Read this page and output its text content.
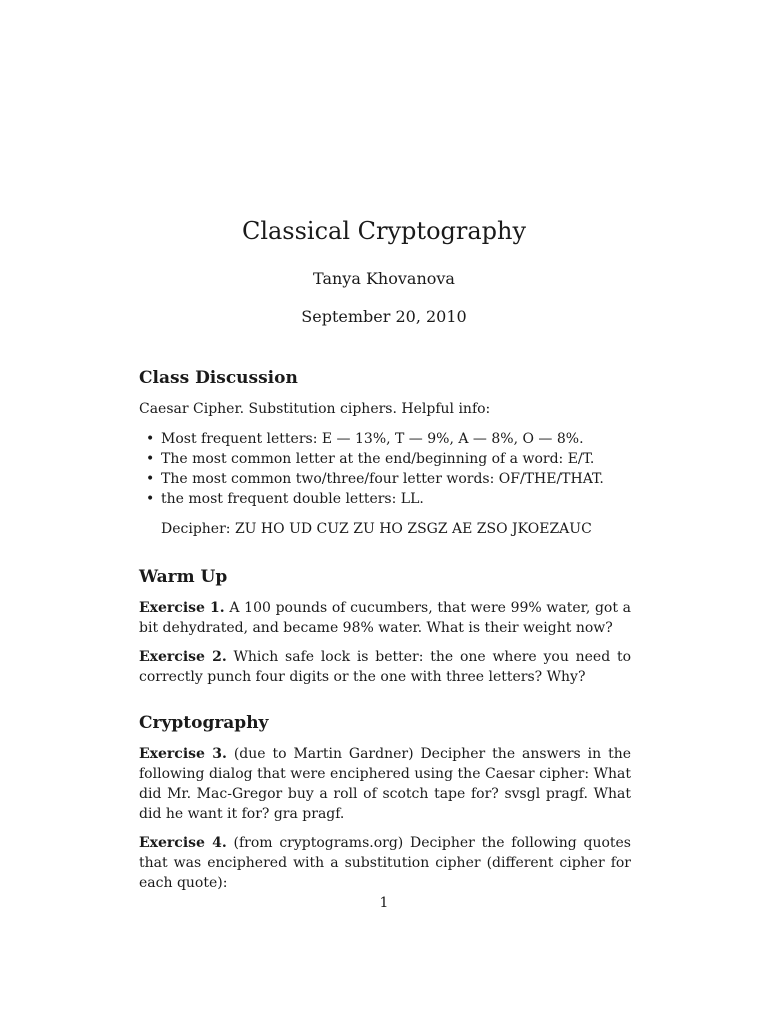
Classical Cryptography
Tanya Khovanova
September 20, 2010
Class Discussion

Caesar Cipher. Substitution ciphers. Helpful info:

• Most frequent letters: E — 13%, T — 9%, A — 8%, O — 8%.
• The most common letter at the end/beginning of a word: E/T.
• The most common two/three/four letter words: OF/THE/THAT.
• the most frequent double letters: LL.

Decipher: ZU HO UD CUZ ZU HO ZSGZ AE ZSO JKOEZAUC

Warm Up

Exercise 1. A 100 pounds of cucumbers, that were 99% water, got a bit dehydrated, and became 98% water. What is their weight now?

Exercise 2. Which safe lock is better: the one where you need to correctly punch four digits or the one with three letters? Why?

Cryptography

Exercise 3. (due to Martin Gardner) Decipher the answers in the following dialog that were enciphered using the Caesar cipher: What did Mr. Mac-Gregor buy a roll of scotch tape for? svsgl pragf. What did he want it for? gra pragf.

Exercise 4. (from cryptograms.org) Decipher the following quotes that was enciphered with a substitution cipher (different cipher for each quote):

1
